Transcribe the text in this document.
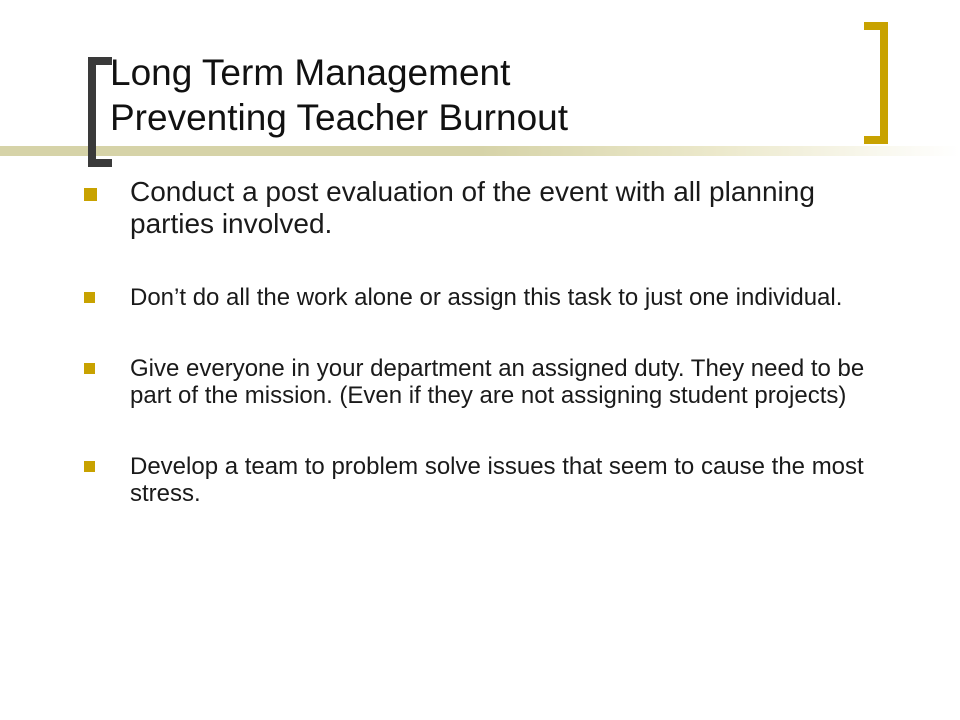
Long Term Management
Preventing Teacher Burnout
Conduct a post evaluation of the event with all planning parties involved.
Don’t do all the work alone or assign this task to just one individual.
Give everyone in your department an assigned duty. They need to be part of the mission. (Even if they are not assigning student projects)
Develop a team to problem solve issues that seem to cause the most stress.
